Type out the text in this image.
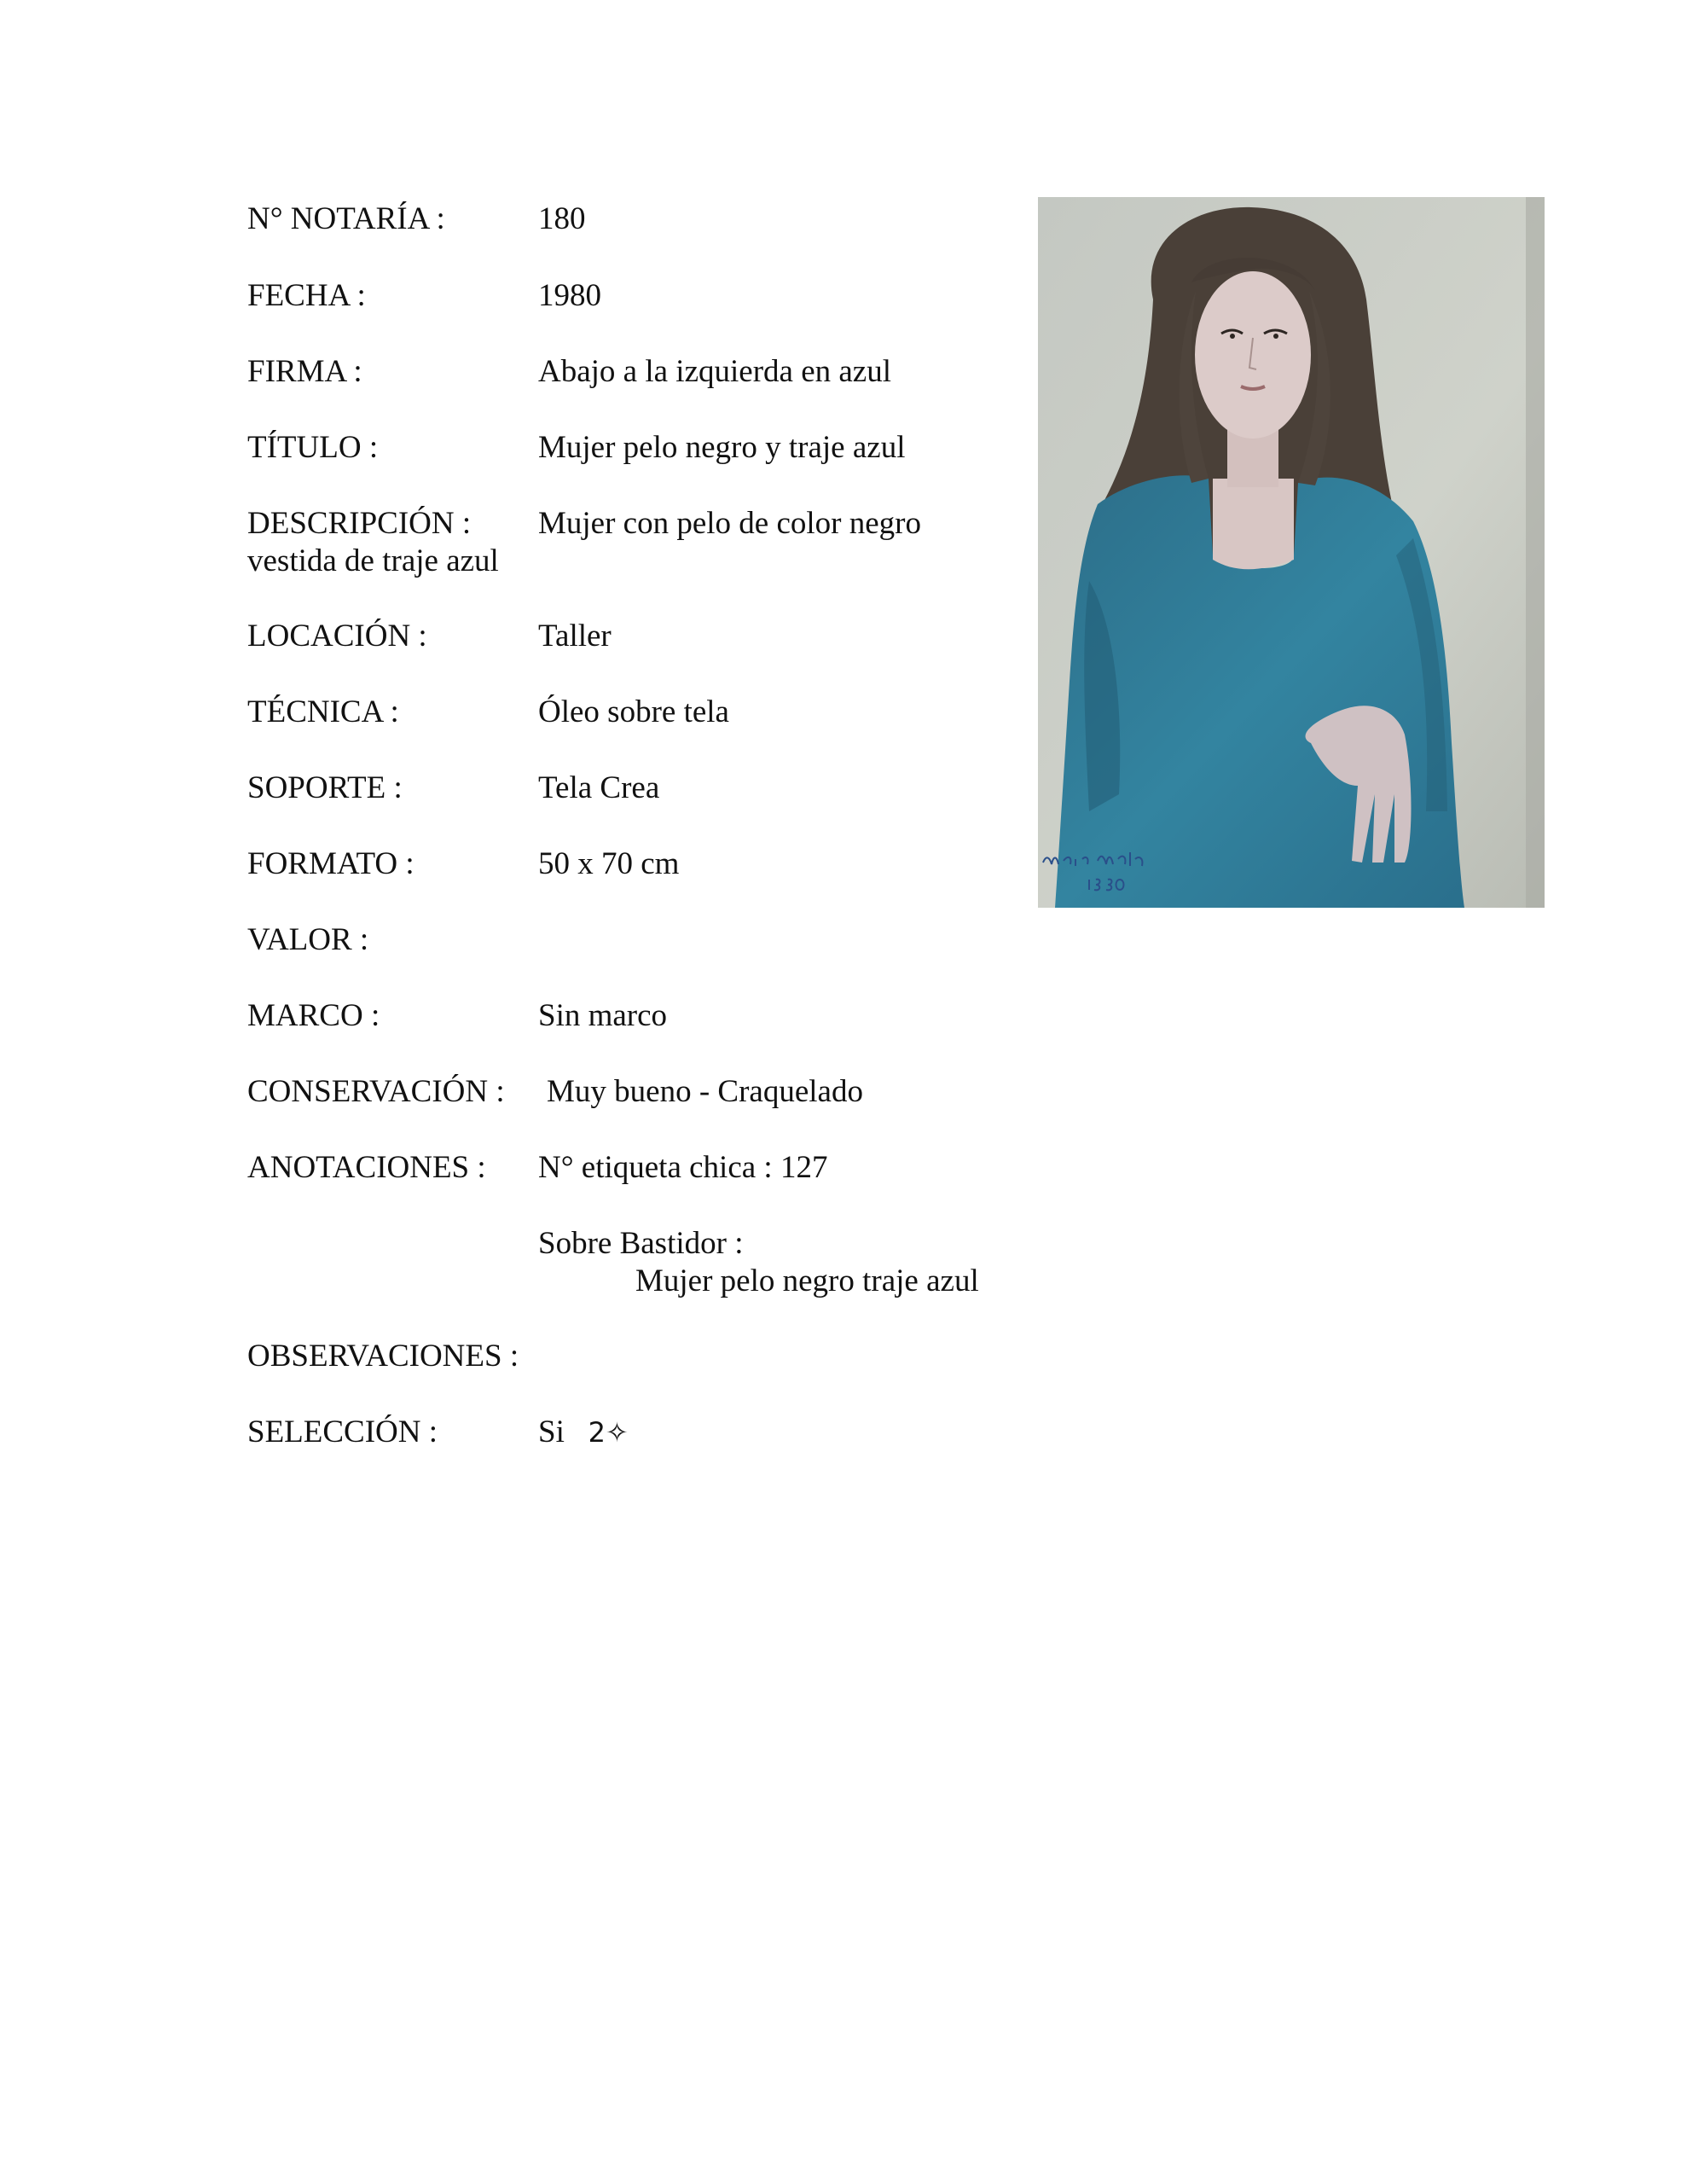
N° NOTARÍA :	180
FECHA :	1980
FIRMA :	Abajo a la izquierda en azul
TÍTULO :	Mujer pelo negro y traje azul
DESCRIPCIÓN : Mujer con pelo de color negro
vestida de traje azul
LOCACIÓN :	Taller
TÉCNICA :	Óleo sobre tela
SOPORTE :	Tela Crea
FORMATO :	50 x 70 cm
VALOR :
MARCO :	Sin marco
CONSERVACIÓN : Muy bueno - Craquelado
ANOTACIONES : N° etiqueta chica : 127
Sobre Bastidor :
Mujer pelo negro traje azul
OBSERVACIONES :
SELECCIÓN :	Si 2✧
